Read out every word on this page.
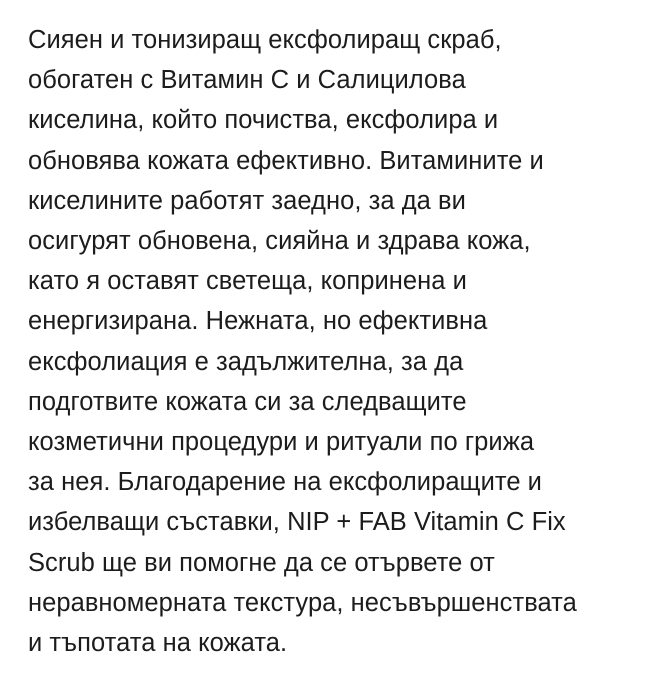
Сияен и тонизиращ ексфолиращ скраб,
обогатен с Витамин С и Салицилова
киселина, който почиства, ексфолира и
обновява кожата ефективно. Витамините и
киселините работят заедно, за да ви
осигурят обновена, сияйна и здрава кожа,
като я оставят светеща, копринена и
енергизирана. Нежната, но ефективна
ексфолиация е задължителна, за да
подготвите кожата си за следващите
козметични процедури и ритуали по грижа
за нея. Благодарение на ексфолиращите и
избелващи съставки, NIP + FAB Vitamin C Fix
Scrub ще ви помогне да се отървете от
неравномерната текстура, несъвършенствата
и тъпотата на кожата.
